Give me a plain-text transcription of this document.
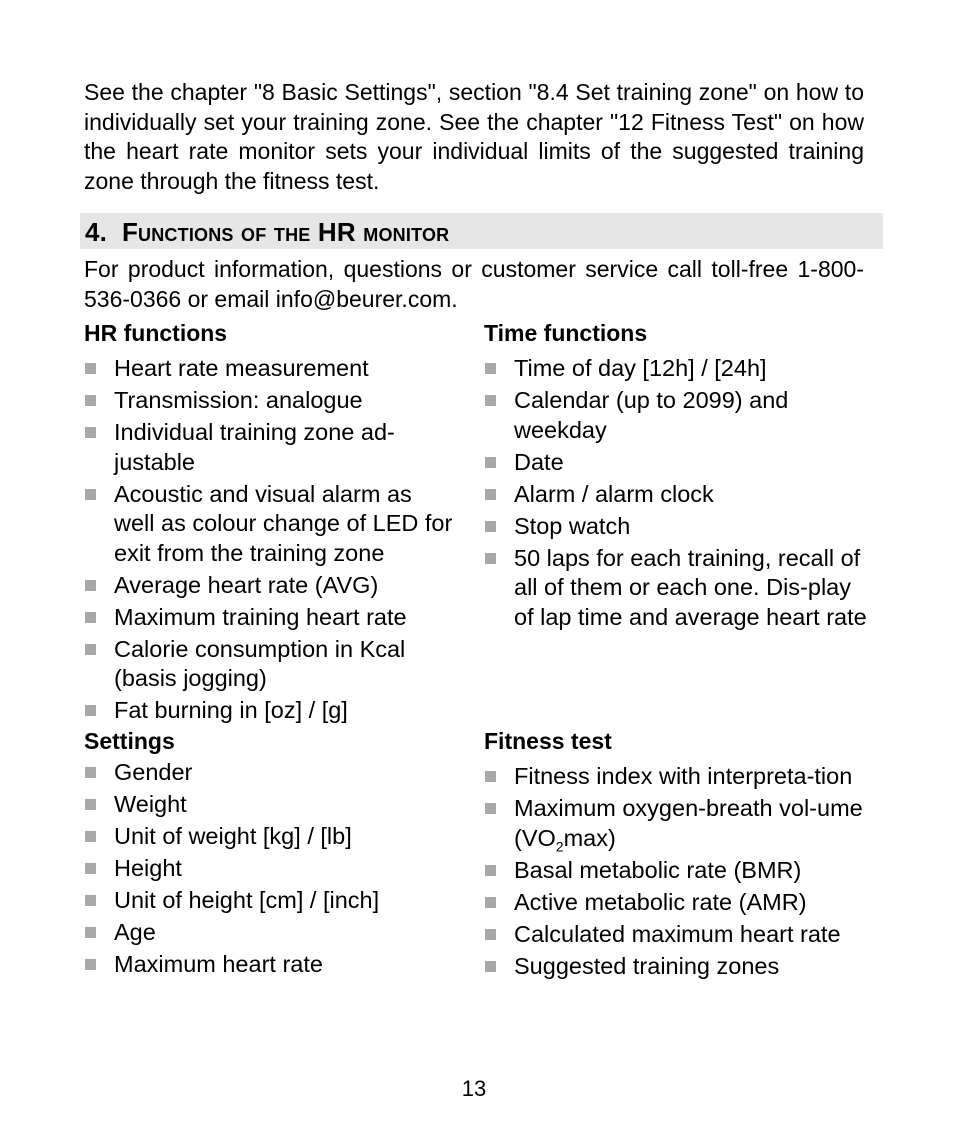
See the chapter "8 Basic Settings", section "8.4 Set training zone" on how to individually set your training zone. See the chapter "12 Fitness Test" on how the heart rate monitor sets your individual limits of the suggested training zone through the fitness test.

4. Functions of the HR monitor

For product information, questions or customer service call toll-free 1-800-536-0366 or email info@beurer.com.

HR functions
Heart rate measurement
Transmission: analogue
Individual training zone ad-justable
Acoustic and visual alarm as well as colour change of LED for exit from the training zone
Average heart rate (AVG)
Maximum training heart rate
Calorie consumption in Kcal (basis jogging)
Fat burning in [oz] / [g]
Time functions
Time of day [12h] / [24h]
Calendar (up to 2099) and weekday
Date
Alarm / alarm clock
Stop watch
50 laps for each training, recall of all of them or each one. Dis-play of lap time and average heart rate
Settings
Gender
Weight
Unit of weight [kg] / [lb]
Height
Unit of height [cm] / [inch]
Age
Maximum heart rate
Fitness test
Fitness index with interpreta-tion
Maximum oxygen-breath vol-ume $(VO_2\max)$
Basal metabolic rate (BMR)
Active metabolic rate (AMR)
Calculated maximum heart rate
Suggested training zones
13
